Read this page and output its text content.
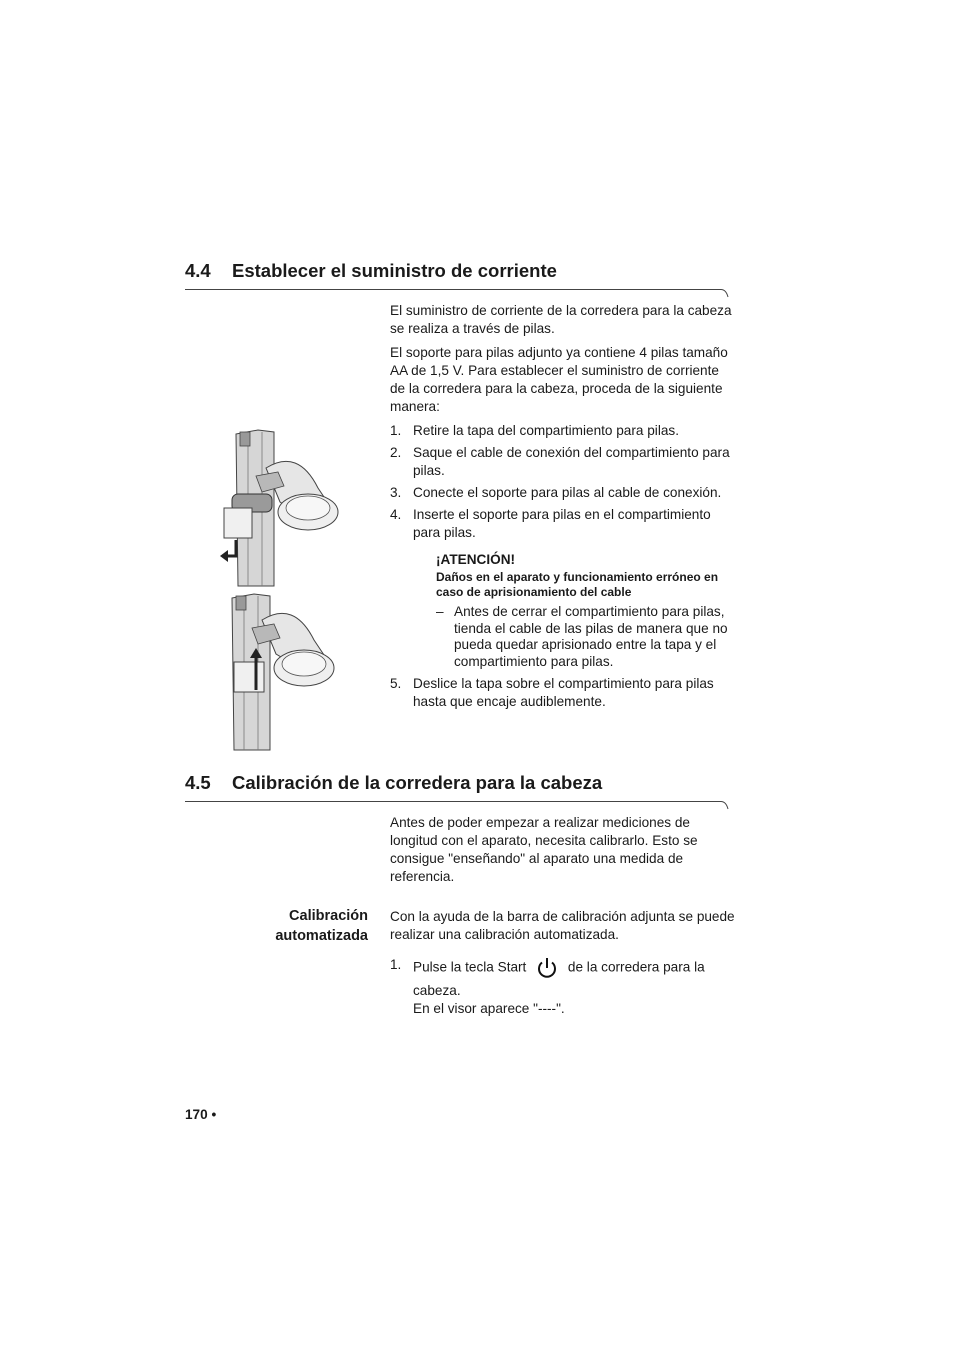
4.4 Establecer el suministro de corriente

El suministro de corriente de la corredera para la cabeza se realiza a través de pilas.

El soporte para pilas adjunto ya contiene 4 pilas tamaño AA de 1,5 V. Para establecer el suministro de corriente de la corredera para la cabeza, proceda de la siguiente manera:

1. Retire la tapa del compartimiento para pilas.
2. Saque el cable de conexión del compartimiento para pilas.
3. Conecte el soporte para pilas al cable de conexión.
4. Inserte el soporte para pilas en el compartimiento para pilas.
¡ATENCIÓN!
Daños en el aparato y funcionamiento erróneo en caso de aprisionamiento del cable
– Antes de cerrar el compartimiento para pilas, tienda el cable de las pilas de manera que no pueda quedar aprisionado entre la tapa y el compartimiento para pilas.
5. Deslice la tapa sobre el compartimiento para pilas hasta que encaje audiblemente.
4.5 Calibración de la corredera para la cabeza

Antes de poder empezar a realizar mediciones de longitud con el aparato, necesita calibrarlo. Esto se consigue "enseñando" al aparato una medida de referencia.

Calibración
automatizada

Con la ayuda de la barra de calibración adjunta se puede realizar una calibración automatizada.

1. Pulse la tecla Start	de la corredera para la
cabeza.
En el visor aparece "----".
170 •
